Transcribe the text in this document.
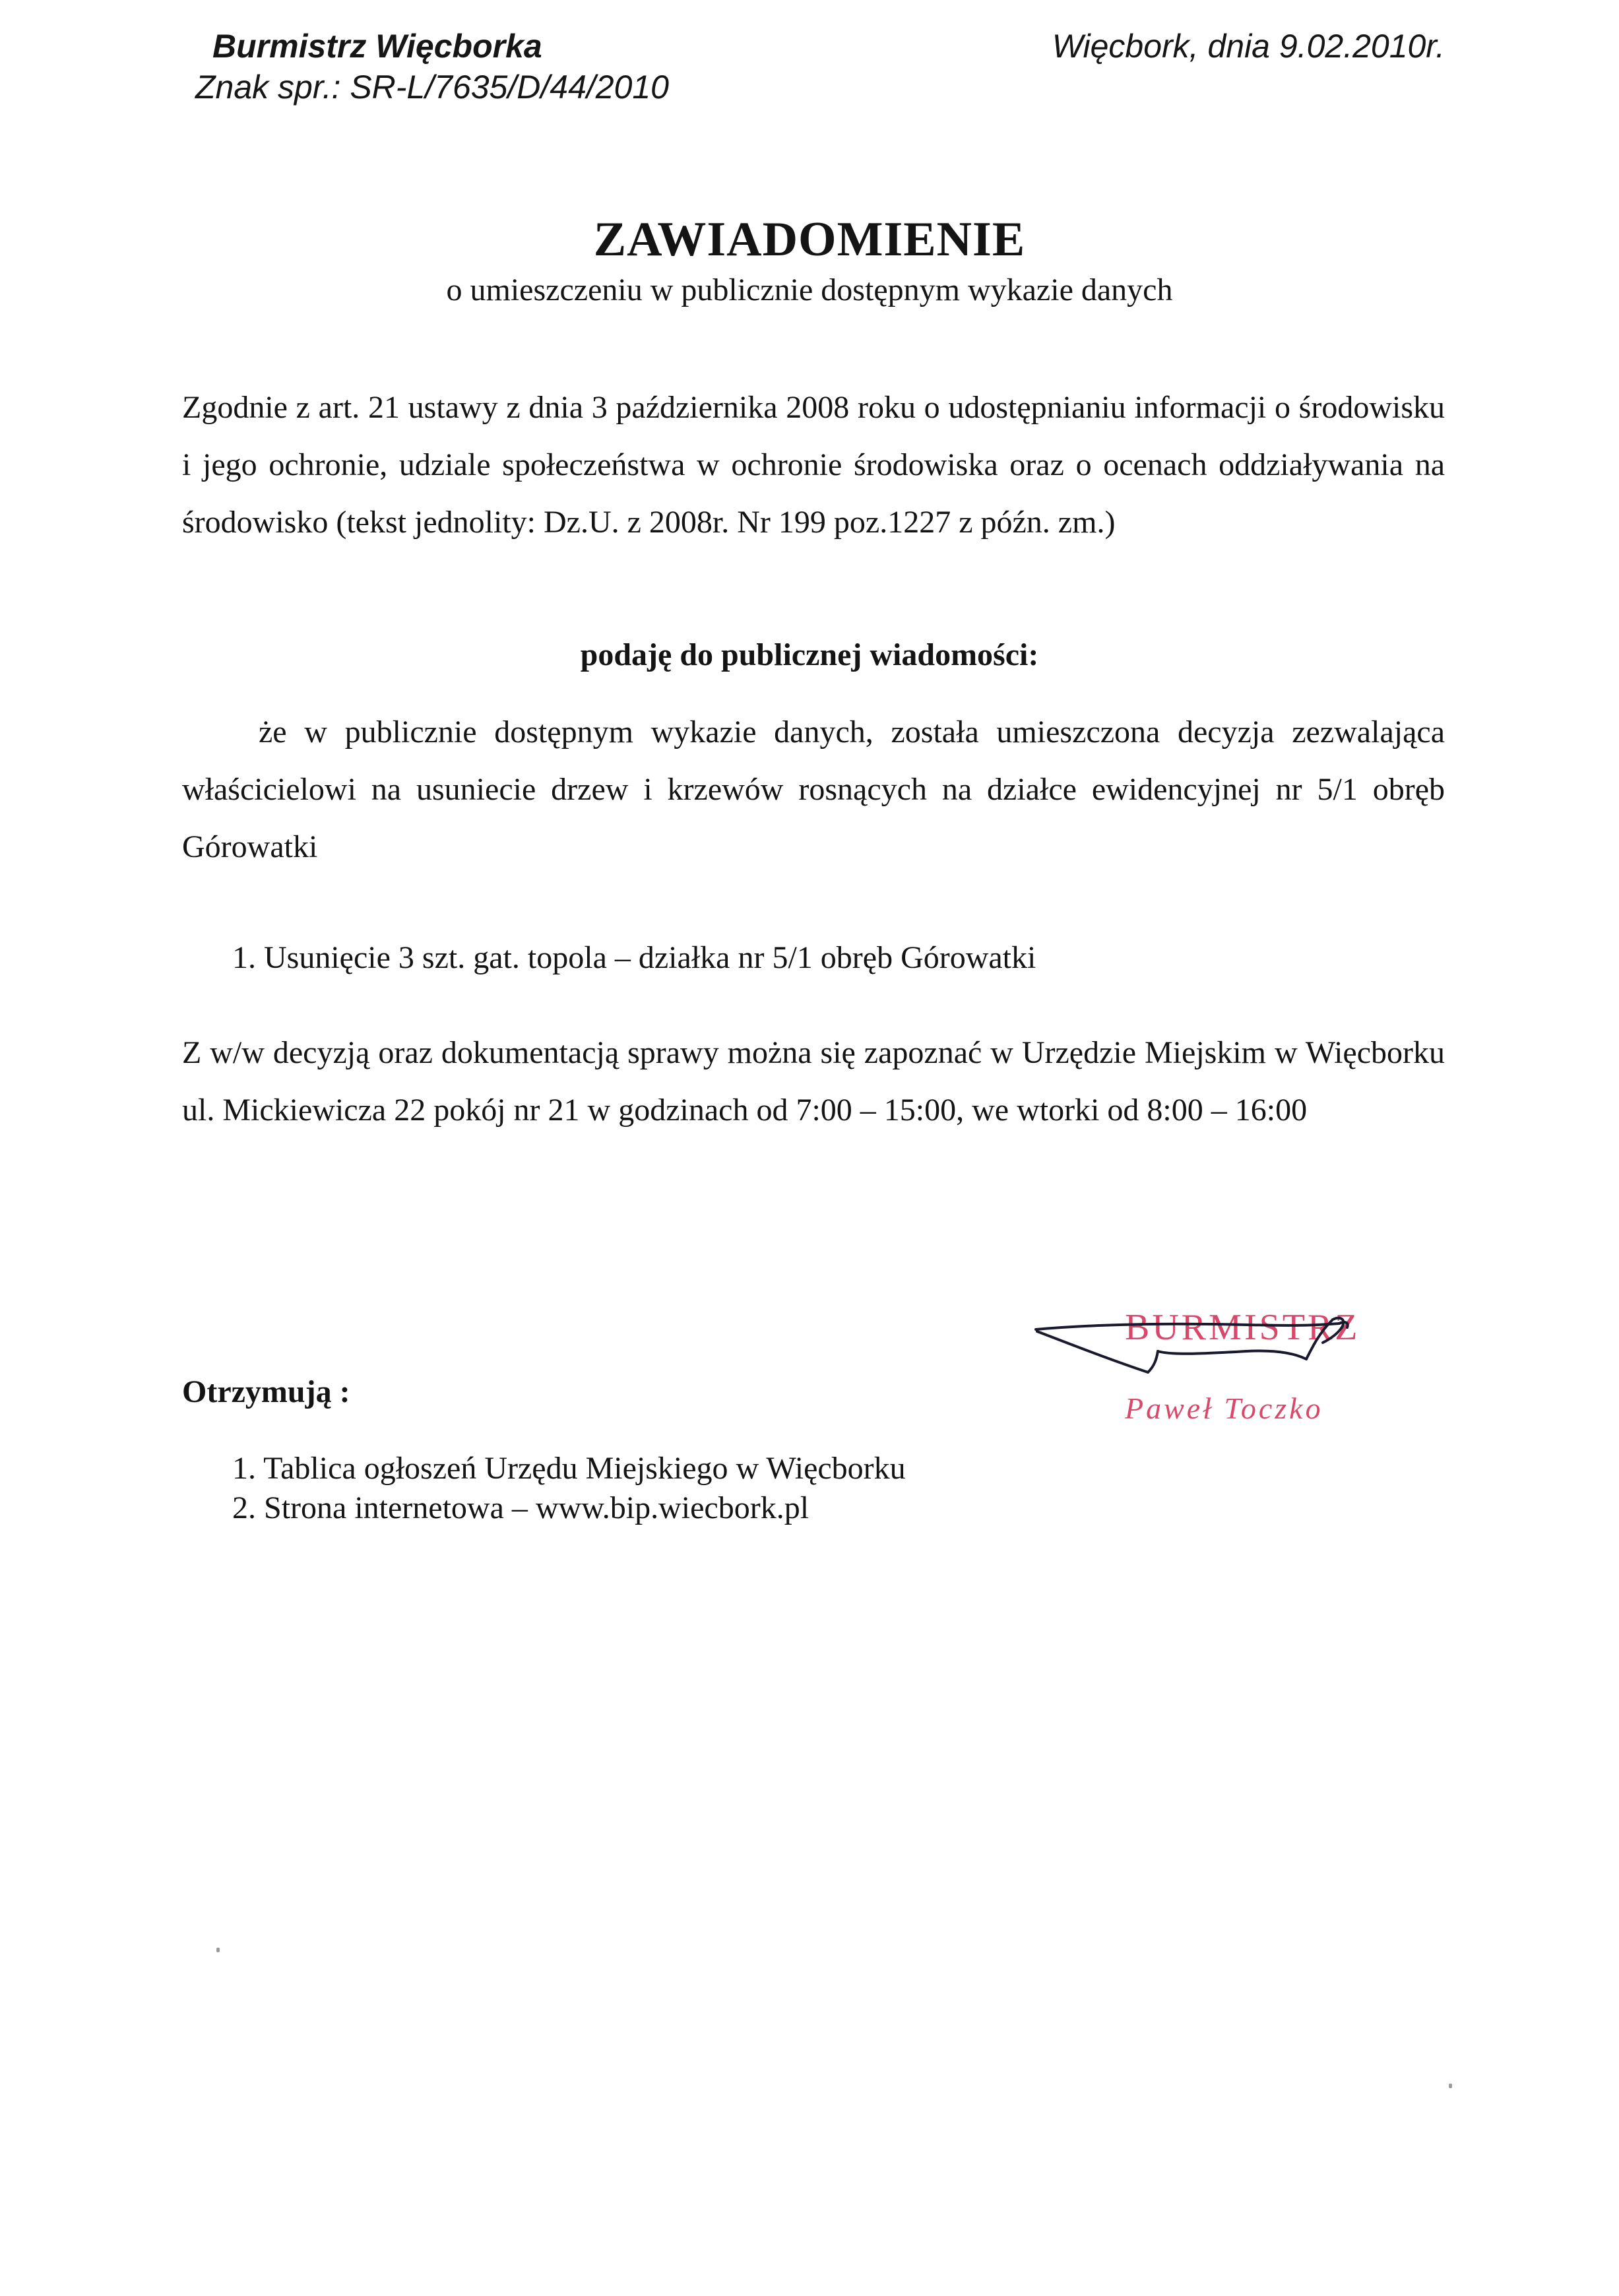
Burmistrz Więcborka
Znak spr.: SR-L/7635/D/44/2010
Więcbork, dnia 9.02.2010r.
ZAWIADOMIENIE
o umieszczeniu w publicznie dostępnym wykazie danych

Zgodnie z art. 21 ustawy z dnia 3 października 2008 roku o udostępnianiu informacji o środowisku i jego ochronie, udziale społeczeństwa w ochronie środowiska oraz o ocenach oddziaływania na środowisko (tekst jednolity: Dz.U. z 2008r. Nr 199 poz.1227 z późn. zm.)

podaję do publicznej wiadomości:

że w publicznie dostępnym wykazie danych, została umieszczona decyzja zezwalająca właścicielowi na usuniecie drzew i krzewów rosnących na działce ewidencyjnej nr 5/1 obręb Górowatki

1. Usunięcie 3 szt. gat. topola – działka nr 5/1 obręb Górowatki

Z w/w decyzją oraz dokumentacją sprawy można się zapoznać w Urzędzie Miejskim w Więcborku ul. Mickiewicza 22 pokój nr 21 w godzinach od 7:00 – 15:00, we wtorki od 8:00 – 16:00

BURMISTRZ
Paweł Toczko
Otrzymują :
1. Tablica ogłoszeń Urzędu Miejskiego w Więcborku
2. Strona internetowa – www.bip.wiecbork.pl
